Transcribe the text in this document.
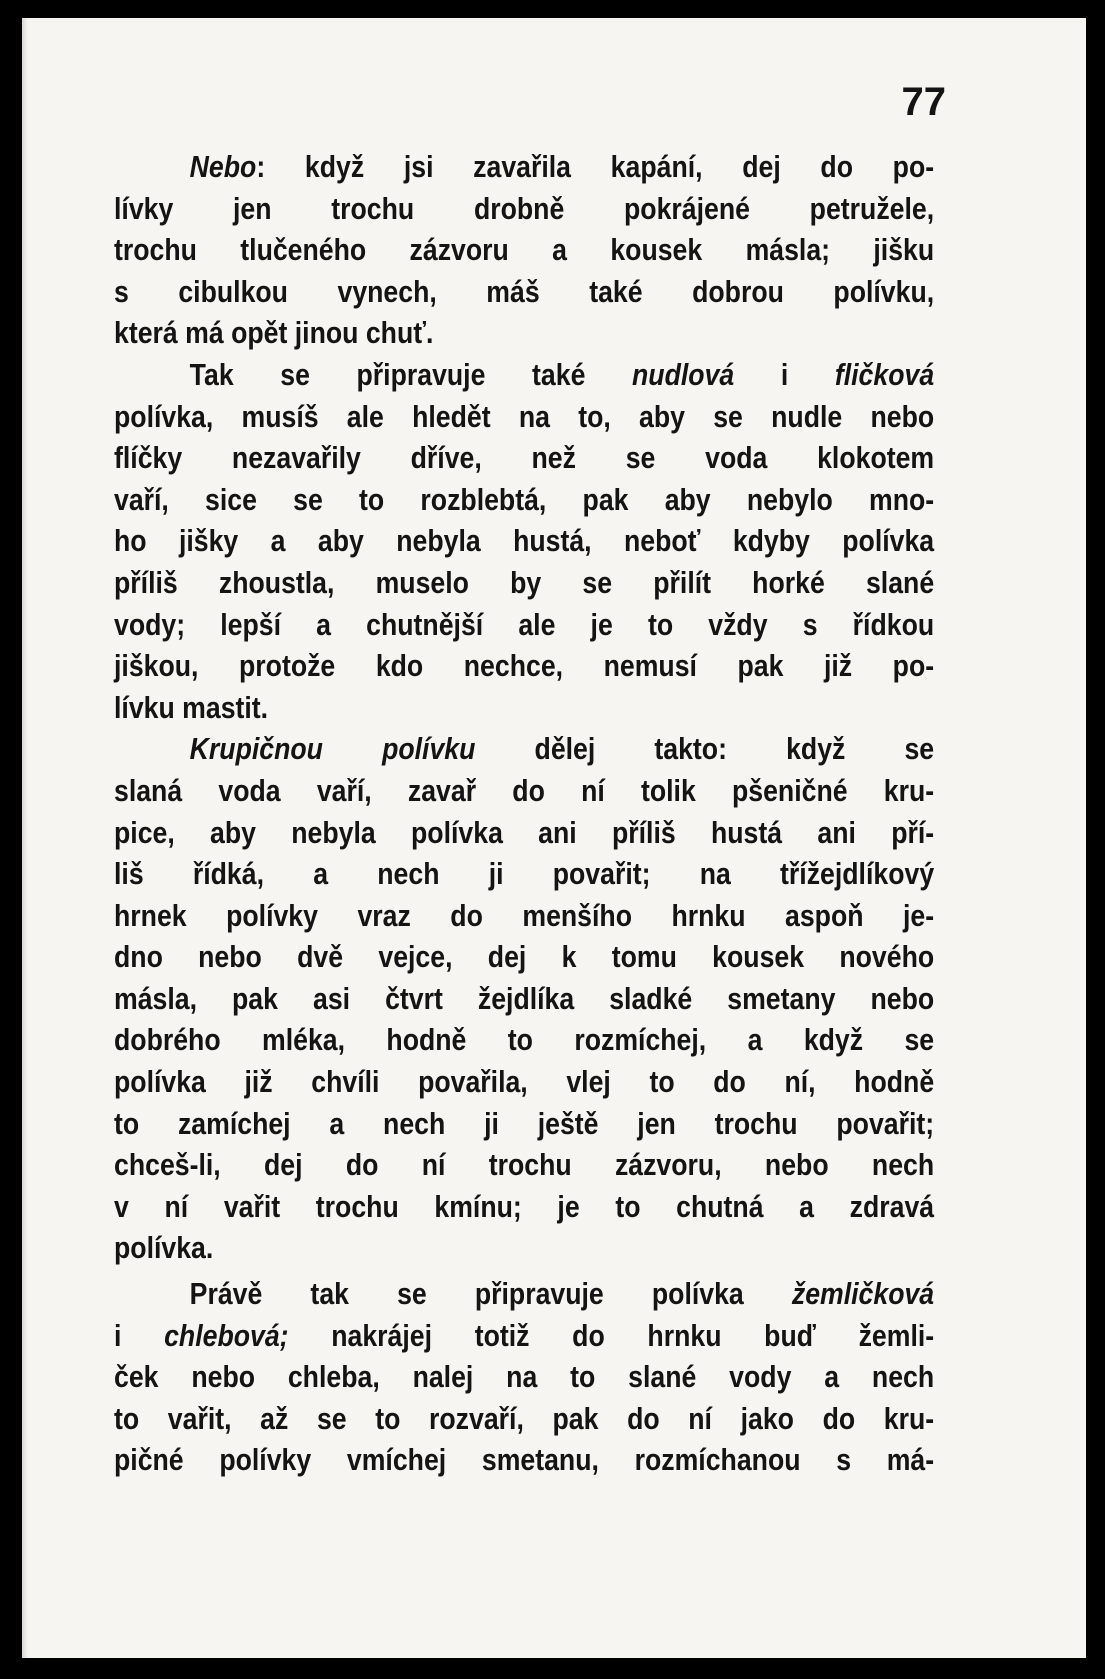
77
Nebo: když jsi zavařila kapání, dej do po-
lívky jen trochu drobně pokrájené petružele,
trochu tlučeného zázvoru a kousek másla; jišku
s cibulkou vynech, máš také dobrou polívku,
která má opět jinou chuť.
Tak se připravuje také nudlová i fličková
polívka, musíš ale hledět na to, aby se nudle nebo
flíčky nezavařily dříve, než se voda klokotem
vaří, sice se to rozblebtá, pak aby nebylo mno-
ho jišky a aby nebyla hustá, neboť kdyby polívka
příliš zhoustla, muselo by se přilít horké slané
vody; lepší a chutnější ale je to vždy s řídkou
jiškou, protože kdo nechce, nemusí pak již po-
lívku mastit.
Krupičnou polívku dělej takto: když se
slaná voda vaří, zavař do ní tolik pšeničné kru-
pice, aby nebyla polívka ani příliš hustá ani pří-
liš řídká, a nech ji povařit; na třížejdlíkový
hrnek polívky vraz do menšího hrnku aspoň je-
dno nebo dvě vejce, dej k tomu kousek nového
másla, pak asi čtvrt žejdlíka sladké smetany nebo
dobrého mléka, hodně to rozmíchej, a když se
polívka již chvíli povařila, vlej to do ní, hodně
to zamíchej a nech ji ještě jen trochu povařit;
chceš-li, dej do ní trochu zázvoru, nebo nech
v ní vařit trochu kmínu; je to chutná a zdravá
polívka.
Právě tak se připravuje polívka žemličková
i chlebová; nakrájej totiž do hrnku buď žemli-
ček nebo chleba, nalej na to slané vody a nech
to vařit, až se to rozvaří, pak do ní jako do kru-
pičné polívky vmíchej smetanu, rozmíchanou s má-
